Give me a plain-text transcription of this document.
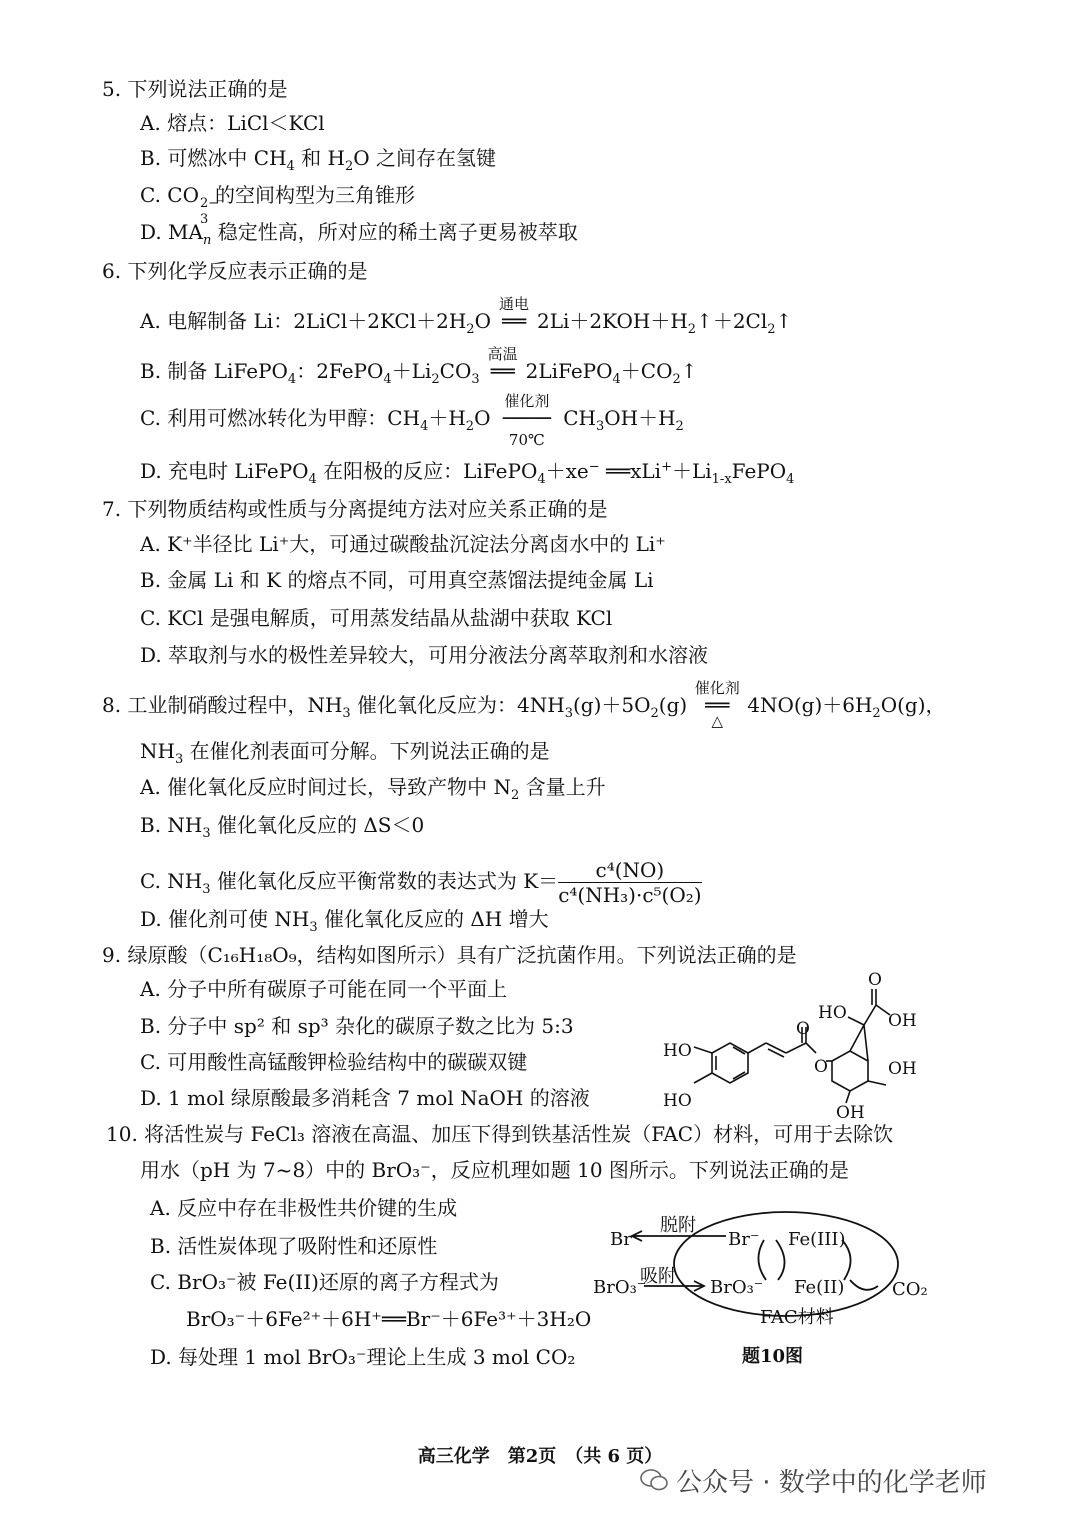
5. 下列说法正确的是
A. 熔点：LiCl＜KCl
B. 可燃冰中 $CH_4$ 和 $H_2O$ 之间存在氢键
C. CO 2−
3
的空间构型为三角锥形
D. $MA_n$ 稳定性高，所对应的稀土离子更易被萃取
6. 下列化学反应表示正确的是
A. 电解制备 Li：$2LiCl+2KCl+2H_2O$
通电
══ $2Li+2KOH+H_2↑+2Cl_2↑$
B. 制备 LiFePO$_4$：$2FePO_4+Li_2CO_3$
高温
══ $2LiFePO_4+CO_2↑$
C. 利用可燃冰转化为甲醇：$CH_4+H_2O$
催化剂
────
70℃
$CH_3OH+H_2$
D. 充电时 LiFePO$_4$ 在阳极的反应：LiFePO$_4$＋xe− $══xLi^++Li_{1-x}FePO_4$
7. 下列物质结构或性质与分离提纯方法对应关系正确的是
A. K⁺半径比 Li⁺大，可通过碳酸盐沉淀法分离卤水中的 Li⁺
B. 金属 Li 和 K 的熔点不同，可用真空蒸馏法提纯金属 Li
C. KCl 是强电解质，可用蒸发结晶从盐湖中获取 KCl
D. 萃取剂与水的极性差异较大，可用分液法分离萃取剂和水溶液
8. 工业制硝酸过程中，$NH_3$ 催化氧化反应为：$4NH_3(g)+5O_2(g)$
催化剂
══
△
$4NO(g)+6H_2O(g)$，
$NH_3$ 在催化剂表面可分解。下列说法正确的是
A. 催化氧化反应时间过长，导致产物中 $N_2$ 含量上升
B. $NH_3$ 催化氧化反应的 ΔS＜0
C. $NH_3$ 催化氧化反应平衡常数的表达式为 $K= \frac{\text{c⁴(NO)}}{\text{c⁴(NH₃)·c⁵(O₂)}}$
D. 催化剂可使 $NH_3$ 催化氧化反应的 ΔH 增大
9. 绿原酸（C₁₆H₁₈O₉，结构如图所示）具有广泛抗菌作用。下列说法正确的是
A. 分子中所有碳原子可能在同一个平面上
B. 分子中 sp² 和 sp³ 杂化的碳原子数之比为 5:3
C. 可用酸性高锰酸钾检验结构中的碳碳双键
D. 1 mol 绿原酸最多消耗含 7 mol NaOH 的溶液
HO
HO
HO OH
OH
OH
O
O
O
10. 将活性炭与 FeCl₃ 溶液在高温、加压下得到铁基活性炭（FAC）材料，可用于去除饮
用水（pH 为 7~8）中的 BrO₃⁻，反应机理如题 10 图所示。下列说法正确的是
A. 反应中存在非极性共价键的生成
B. 活性炭体现了吸附性和还原性
C. BrO₃⁻被 Fe(II)还原的离子方程式为
BrO₃⁻＋6Fe²⁺＋6H⁺══Br⁻＋6Fe³⁺＋3H₂O
D. 每处理 1 mol BrO₃⁻理论上生成 3 mol CO₂
脱附
Br⁻	Br⁻ Fe(III)
吸附
BrO₃⁻	BrO₃⁻ Fe(II)	CO₂
FAC材料
题10图
高三化学　第2页　（共 6 页）
公众号 · 数学中的化学老师
